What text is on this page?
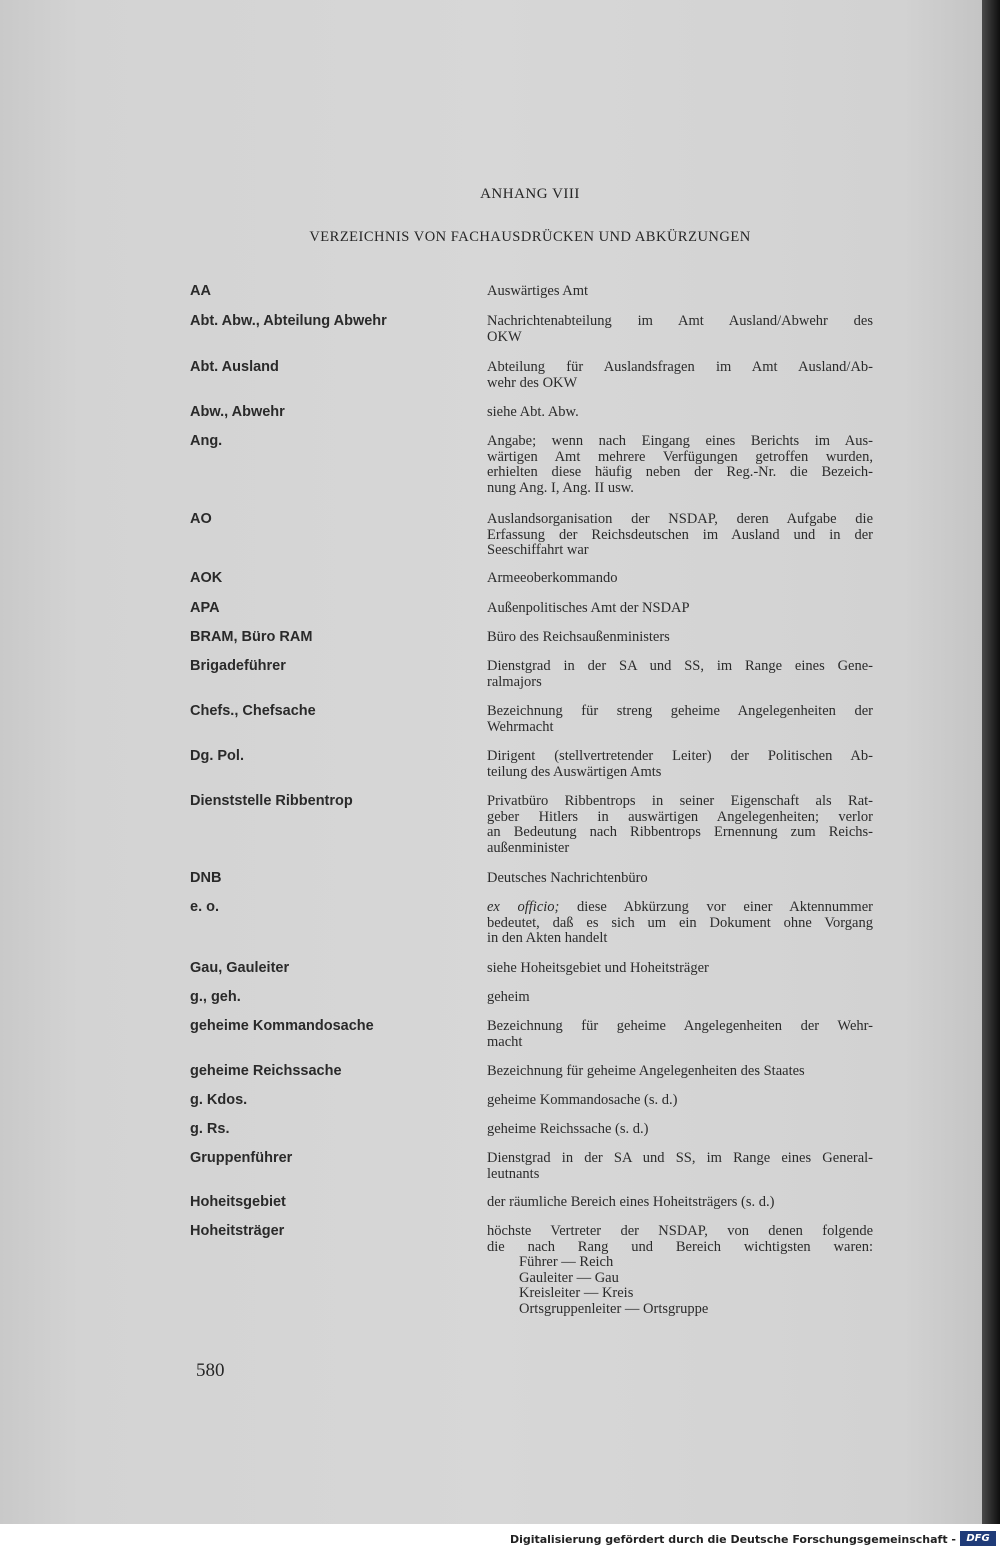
ANHANG VIII
VERZEICHNIS VON FACHAUSDRÜCKEN UND ABKÜRZUNGEN
AA	Auswärtiges Amt
Abt. Abw., Abteilung Abwehr	Nachrichtenabteilung im Amt Ausland/Abwehr des
OKW
Abt. Ausland	Abteilung für Auslandsfragen im Amt Ausland/Ab-
wehr des OKW
Abw., Abwehr	siehe Abt. Abw.
Ang.	Angabe; wenn nach Eingang eines Berichts im Aus-
wärtigen Amt mehrere Verfügungen getroffen wurden,
erhielten diese häufig neben der Reg.-Nr. die Bezeich-
nung Ang. I, Ang. II usw.
AO	Auslandsorganisation der NSDAP, deren Aufgabe die
Erfassung der Reichsdeutschen im Ausland und in der
Seeschiffahrt war
AOK	Armeeoberkommando
APA	Außenpolitisches Amt der NSDAP
BRAM, Büro RAM	Büro des Reichsaußenministers
Brigadeführer	Dienstgrad in der SA und SS, im Range eines Gene-
ralmajors
Chefs., Chefsache	Bezeichnung für streng geheime Angelegenheiten der
Wehrmacht
Dg. Pol.	Dirigent (stellvertretender Leiter) der Politischen Ab-
teilung des Auswärtigen Amts
Dienststelle Ribbentrop	Privatbüro Ribbentrops in seiner Eigenschaft als Rat-
geber Hitlers in auswärtigen Angelegenheiten; verlor
an Bedeutung nach Ribbentrops Ernennung zum Reichs-
außenminister
DNB	Deutsches Nachrichtenbüro
e. o.	ex officio; diese Abkürzung vor einer Aktennummer
bedeutet, daß es sich um ein Dokument ohne Vorgang
in den Akten handelt
Gau, Gauleiter	siehe Hoheitsgebiet und Hoheitsträger
g., geh.	geheim
geheime Kommandosache	Bezeichnung für geheime Angelegenheiten der Wehr-
macht
geheime Reichssache	Bezeichnung für geheime Angelegenheiten des Staates
g. Kdos.	geheime Kommandosache (s. d.)
g. Rs.	geheime Reichssache (s. d.)
Gruppenführer	Dienstgrad in der SA und SS, im Range eines General-
leutnants
Hoheitsgebiet	der räumliche Bereich eines Hoheitsträgers (s. d.)
Hoheitsträger	höchste Vertreter der NSDAP, von denen folgende
die nach Rang und Bereich wichtigsten waren:
Führer — Reich
Gauleiter — Gau
Kreisleiter — Kreis
Ortsgruppenleiter — Ortsgruppe
580
Digitalisierung gefördert durch die Deutsche Forschungsgemeinschaft -	DFG
